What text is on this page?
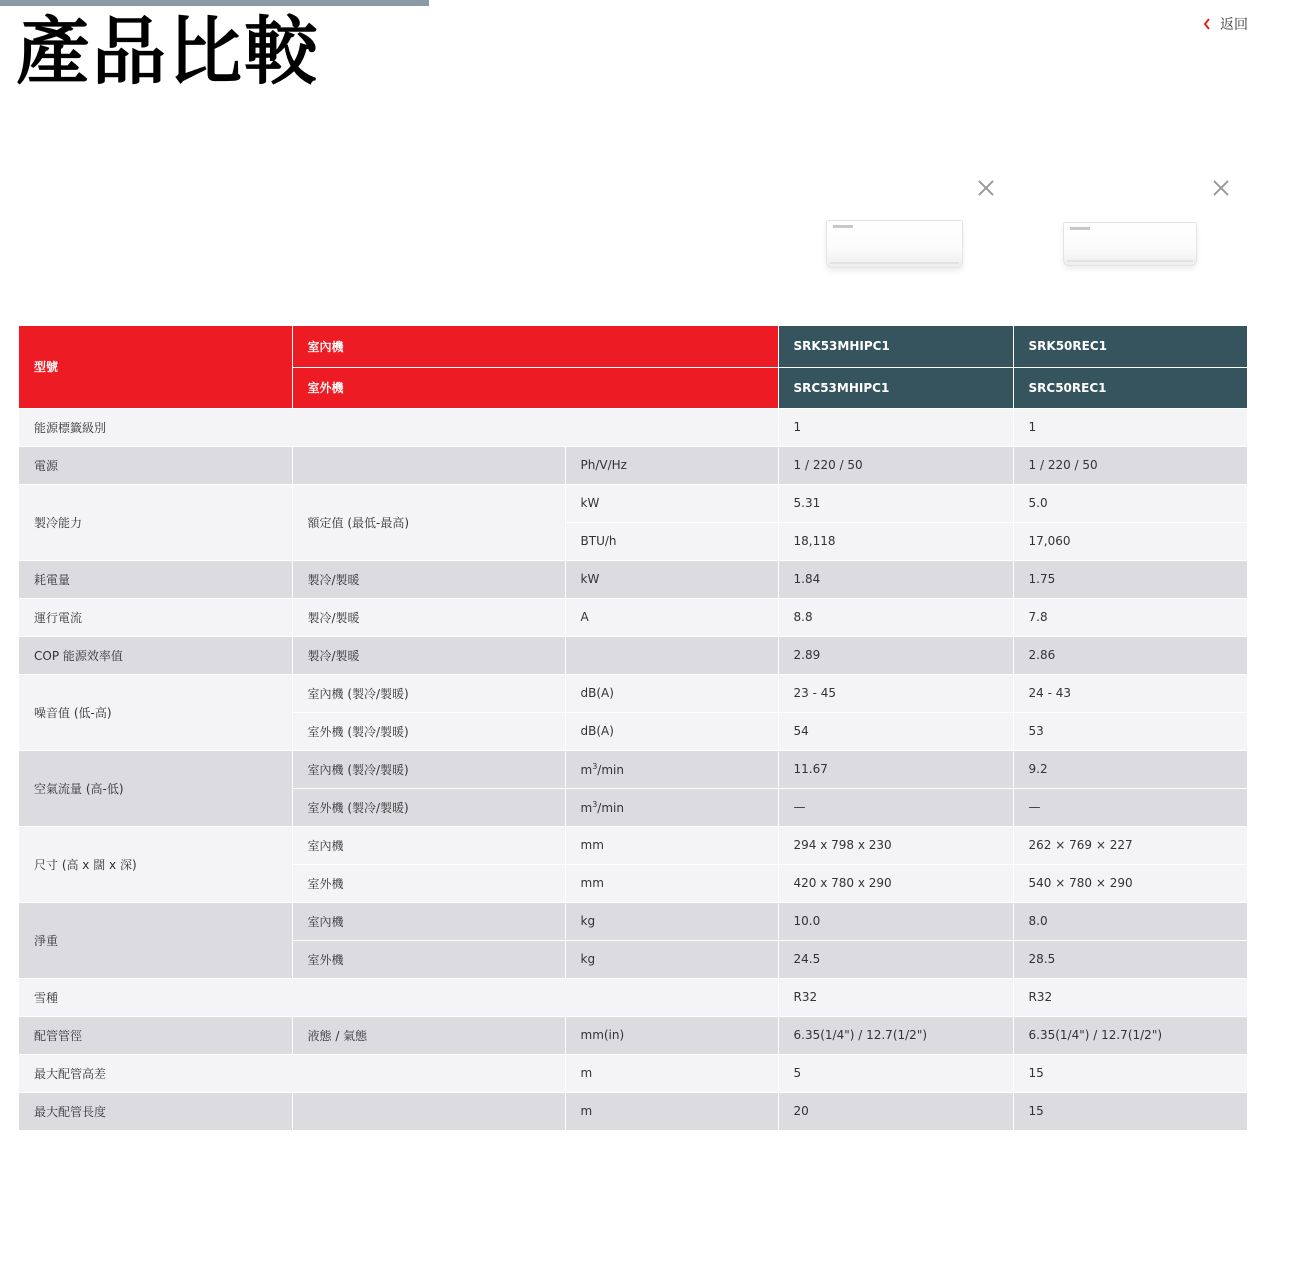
產品比較	返回
型號	室內機		SRK53MHIPC1	SRK50REC1
	室外機		SRC53MHIPC1	SRC50REC1
能源標籤級別			1	1
電源		Ph/V/Hz	1 / 220 / 50	1 / 220 / 50
製冷能力	額定值 (最低-最高)	kW	5.31	5.0
		BTU/h	18,118	17,060
耗電量	製冷/製暖	kW	1.84	1.75
運行電流	製冷/製暖	A	8.8	7.8
COP 能源效率值	製冷/製暖		2.89	2.86
噪音值 (低-高)	室內機 (製冷/製暖)	dB(A)	23 - 45	24 - 43
	室外機 (製冷/製暖)	dB(A)	54	53
空氣流量 (高-低)	室內機 (製冷/製暖)	$m^3/\min$	11.67	9.2
	室外機 (製冷/製暖)	$m^3/\min$	—	—
尺寸 (高 x 闊 x 深)	室內機	mm	294 x 798 x 230	262 × 769 × 227
	室外機	mm	420 x 780 x 290	540 × 780 × 290
淨重	室內機	kg	10.0	8.0
	室外機	kg	24.5	28.5
雪種			R32	R32
配管管徑	液態 / 氣態	mm(in)	6.35(1/4") / 12.7(1/2")	6.35(1/4") / 12.7(1/2")
最大配管高差		m	5	15
最大配管長度		m	20	15
